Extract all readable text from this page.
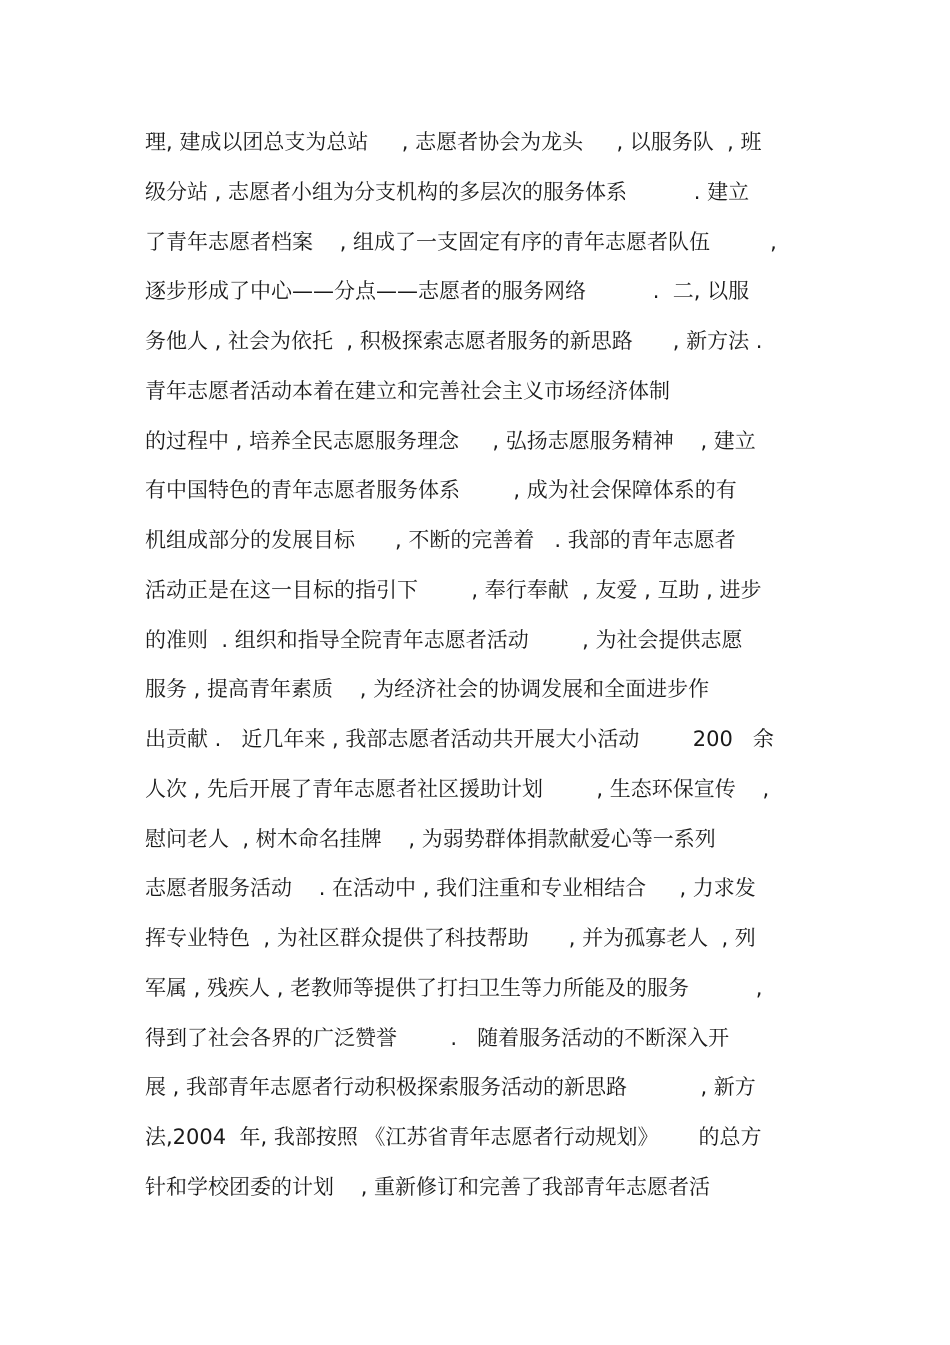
理, 建成以团总支为总站     , 志愿者协会为龙头     , 以服务队  , 班
级分站 , 志愿者小组为分支机构的多层次的服务体系          . 建立
了青年志愿者档案    , 组成了一支固定有序的青年志愿者队伍         ,
逐步形成了中心——分点——志愿者的服务网络          .  二, 以服
务他人 , 社会为依托  , 积极探索志愿者服务的新思路      , 新方法 .
青年志愿者活动本着在建立和完善社会主义市场经济体制
的过程中 , 培养全民志愿服务理念     , 弘扬志愿服务精神    , 建立
有中国特色的青年志愿者服务体系        , 成为社会保障体系的有
机组成部分的发展目标      , 不断的完善着   . 我部的青年志愿者
活动正是在这一目标的指引下        , 奉行奉献  , 友爱 , 互助 , 进步
的准则  . 组织和指导全院青年志愿者活动        , 为社会提供志愿
服务 , 提高青年素质    , 为经济社会的协调发展和全面进步作
出贡献 .   近几年来 , 我部志愿者活动共开展大小活动        200   余
人次 , 先后开展了青年志愿者社区援助计划        , 生态环保宣传    ,
慰问老人  , 树木命名挂牌    , 为弱势群体捐款献爱心等一系列
志愿者服务活动    . 在活动中 , 我们注重和专业相结合     , 力求发
挥专业特色  , 为社区群众提供了科技帮助      , 并为孤寡老人  , 列
军属 , 残疾人 , 老教师等提供了打扫卫生等力所能及的服务          ,
得到了社会各界的广泛赞誉        .   随着服务活动的不断深入开
展 , 我部青年志愿者行动积极探索服务活动的新思路           , 新方
法,2004  年, 我部按照 《江苏省青年志愿者行动规划》      的总方
针和学校团委的计划    , 重新修订和完善了我部青年志愿者活
